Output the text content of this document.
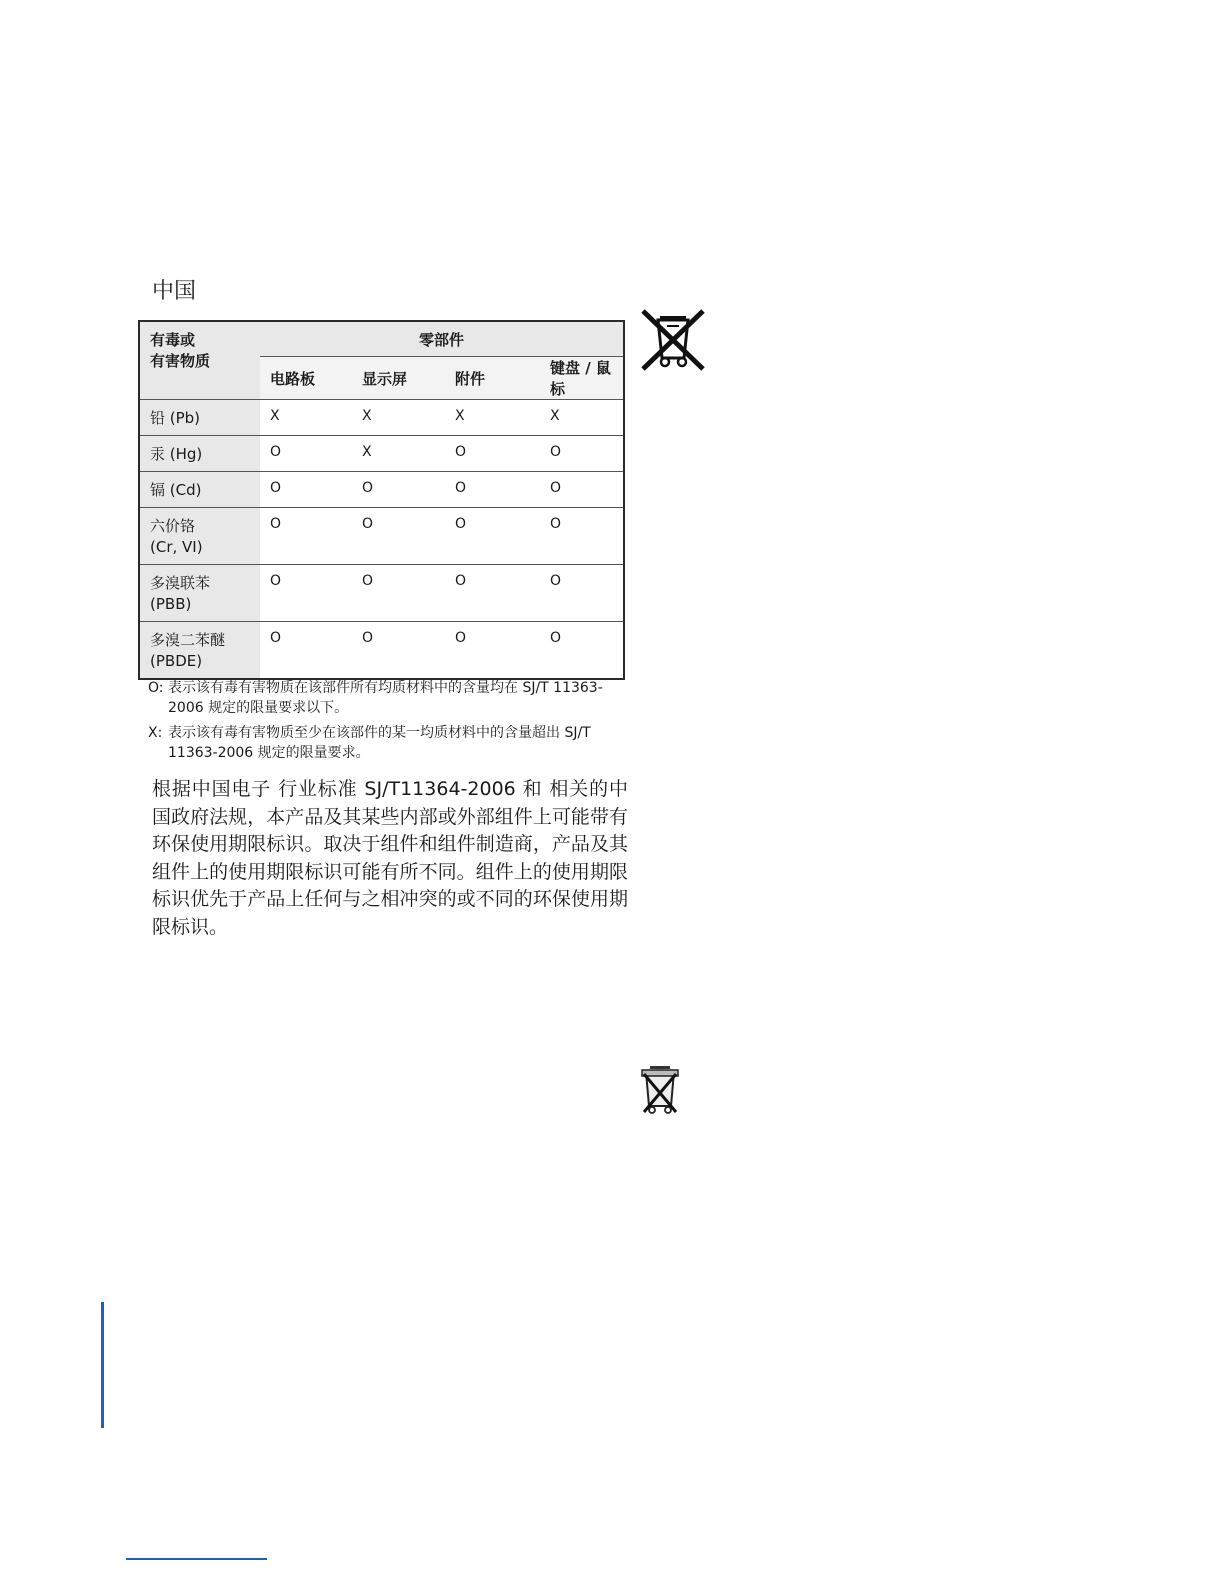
中国
有毒或
有害物质	零部件			
	电路板	显示屏	附件	键盘 / 鼠标

铅 (Pb)	X	X	X	X

汞 (Hg)	O	X	O	O

镉 (Cd)	O	O	O	O

六价铬
(Cr, VI)	O	O	O	O

多溴联苯
(PBB)	O	O	O	O

多溴二苯醚
(PBDE)	O	O	O	O
O: 表示该有毒有害物质在该部件所有均质材料中的含量均在 SJ/T 11363-2006 规定的限量要求以下。
X: 表示该有毒有害物质至少在该部件的某一均质材料中的含量超出 SJ/T 11363-2006 规定的限量要求。
根据中国电子 行业标准 SJ/T11364-2006 和 相关的中国政府法规，本产品及其某些内部或外部组件上可能带有环保使用期限标识。取决于组件和组件制造商，产品及其组件上的使用期限标识可能有所不同。组件上的使用期限标识优先于产品上任何与之相冲突的或不同的环保使用期限标识。
